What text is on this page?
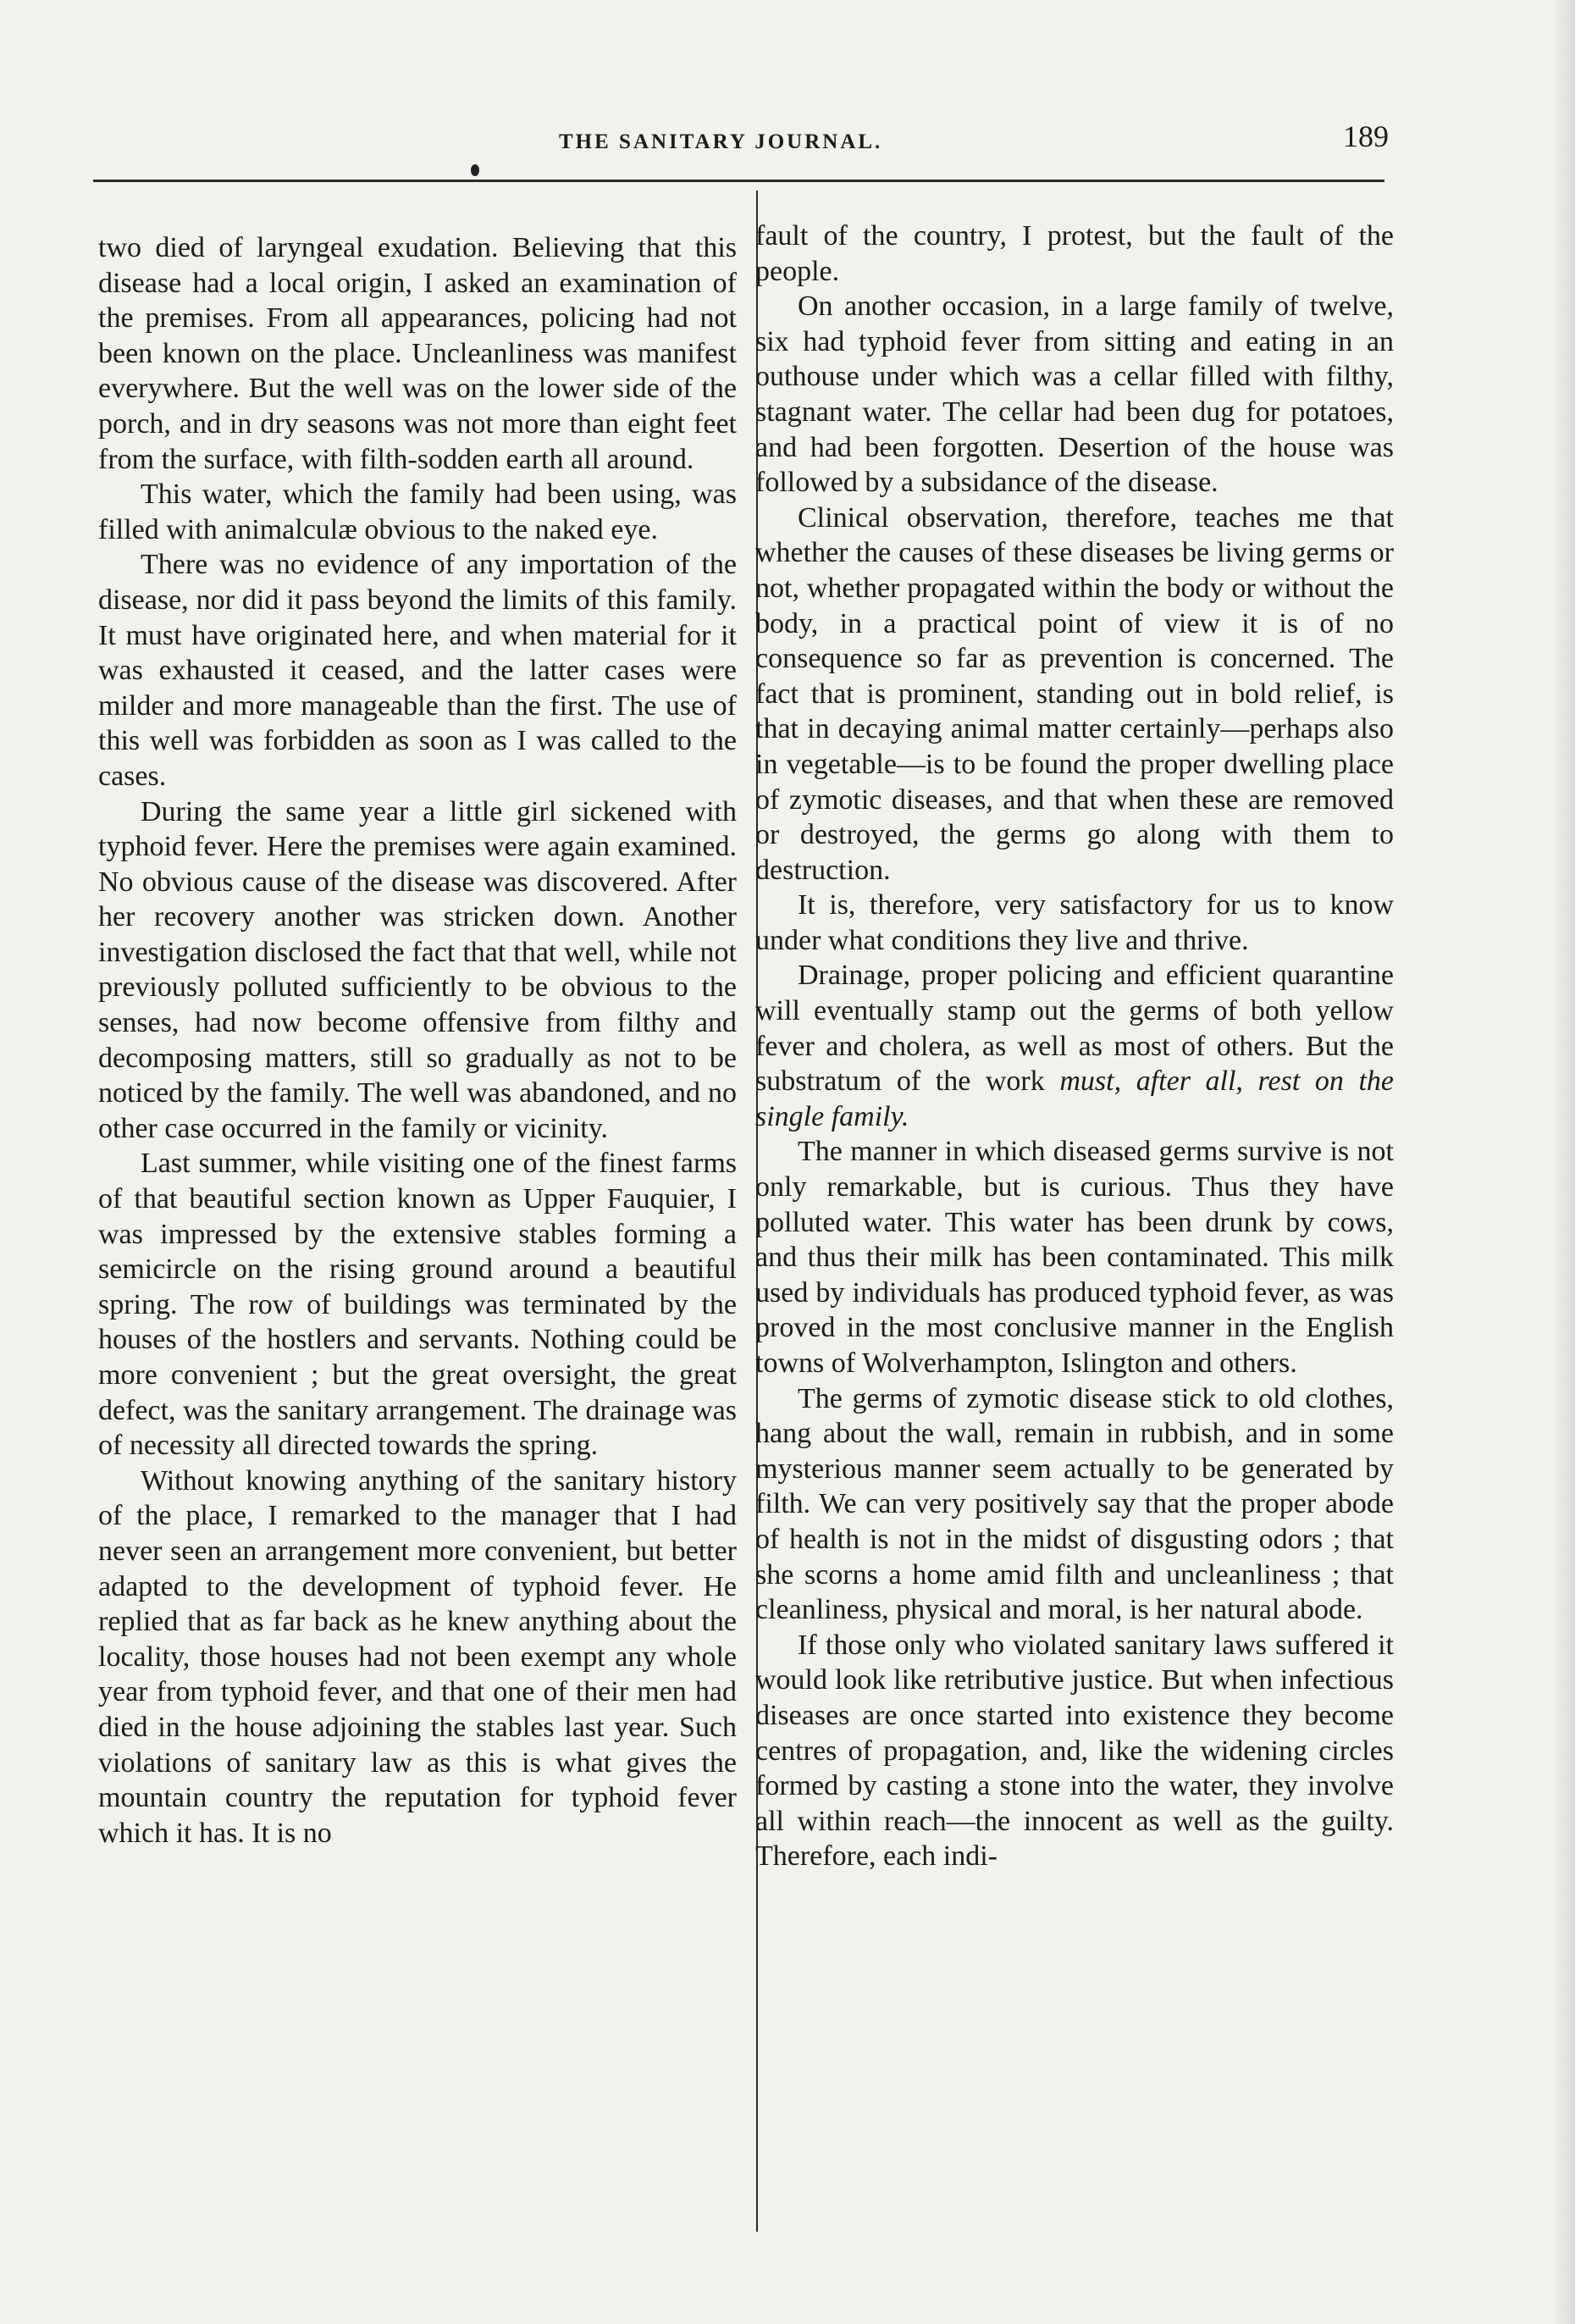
THE SANITARY JOURNAL.	189

two died of laryngeal exudation. Believing that this disease had a local origin, I asked an examination of the premises. From all appearances, policing had not been known on the place. Uncleanliness was manifest everywhere. But the well was on the lower side of the porch, and in dry seasons was not more than eight feet from the surface, with filth-sodden earth all around.

This water, which the family had been using, was filled with animalculæ obvious to the naked eye.

There was no evidence of any importation of the disease, nor did it pass beyond the limits of this family. It must have originated here, and when material for it was exhausted it ceased, and the latter cases were milder and more manageable than the first. The use of this well was forbidden as soon as I was called to the cases.

During the same year a little girl sickened with typhoid fever. Here the premises were again examined. No obvious cause of the disease was discovered. After her recovery another was stricken down. Another investigation disclosed the fact that that well, while not previously polluted sufficiently to be obvious to the senses, had now become offensive from filthy and decomposing matters, still so gradually as not to be noticed by the family. The well was abandoned, and no other case occurred in the family or vicinity.

Last summer, while visiting one of the finest farms of that beautiful section known as Upper Fauquier, I was impressed by the extensive stables forming a semicircle on the rising ground around a beautiful spring. The row of buildings was terminated by the houses of the hostlers and servants. Nothing could be more convenient ; but the great oversight, the great defect, was the sanitary arrangement. The drainage was of necessity all directed towards the spring.

Without knowing anything of the sanitary history of the place, I remarked to the manager that I had never seen an arrangement more convenient, but better adapted to the development of typhoid fever. He replied that as far back as he knew anything about the locality, those houses had not been exempt any whole year from typhoid fever, and that one of their men had died in the house adjoining the stables last year. Such violations of sanitary law as this is what gives the mountain country the reputation for typhoid fever which it has. It is no

fault of the country, I protest, but the fault of the people.

On another occasion, in a large family of twelve, six had typhoid fever from sitting and eating in an outhouse under which was a cellar filled with filthy, stagnant water. The cellar had been dug for potatoes, and had been forgotten. Desertion of the house was followed by a subsidance of the disease.

Clinical observation, therefore, teaches me that whether the causes of these diseases be living germs or not, whether propagated within the body or without the body, in a practical point of view it is of no consequence so far as prevention is concerned. The fact that is prominent, standing out in bold relief, is that in decaying animal matter certainly—perhaps also in vegetable—is to be found the proper dwelling place of zymotic diseases, and that when these are removed or destroyed, the germs go along with them to destruction.

It is, therefore, very satisfactory for us to know under what conditions they live and thrive.

Drainage, proper policing and efficient quarantine will eventually stamp out the germs of both yellow fever and cholera, as well as most of others. But the substratum of the work must, after all, rest on the single family.

The manner in which diseased germs survive is not only remarkable, but is curious. Thus they have polluted water. This water has been drunk by cows, and thus their milk has been contaminated. This milk used by individuals has produced typhoid fever, as was proved in the most conclusive manner in the English towns of Wolverhampton, Islington and others.

The germs of zymotic disease stick to old clothes, hang about the wall, remain in rubbish, and in some mysterious manner seem actually to be generated by filth. We can very positively say that the proper abode of health is not in the midst of disgusting odors ; that she scorns a home amid filth and uncleanliness ; that cleanliness, physical and moral, is her natural abode.

If those only who violated sanitary laws suffered it would look like retributive justice. But when infectious diseases are once started into existence they become centres of propagation, and, like the widening circles formed by casting a stone into the water, they involve all within reach—the innocent as well as the guilty. Therefore, each indi-
